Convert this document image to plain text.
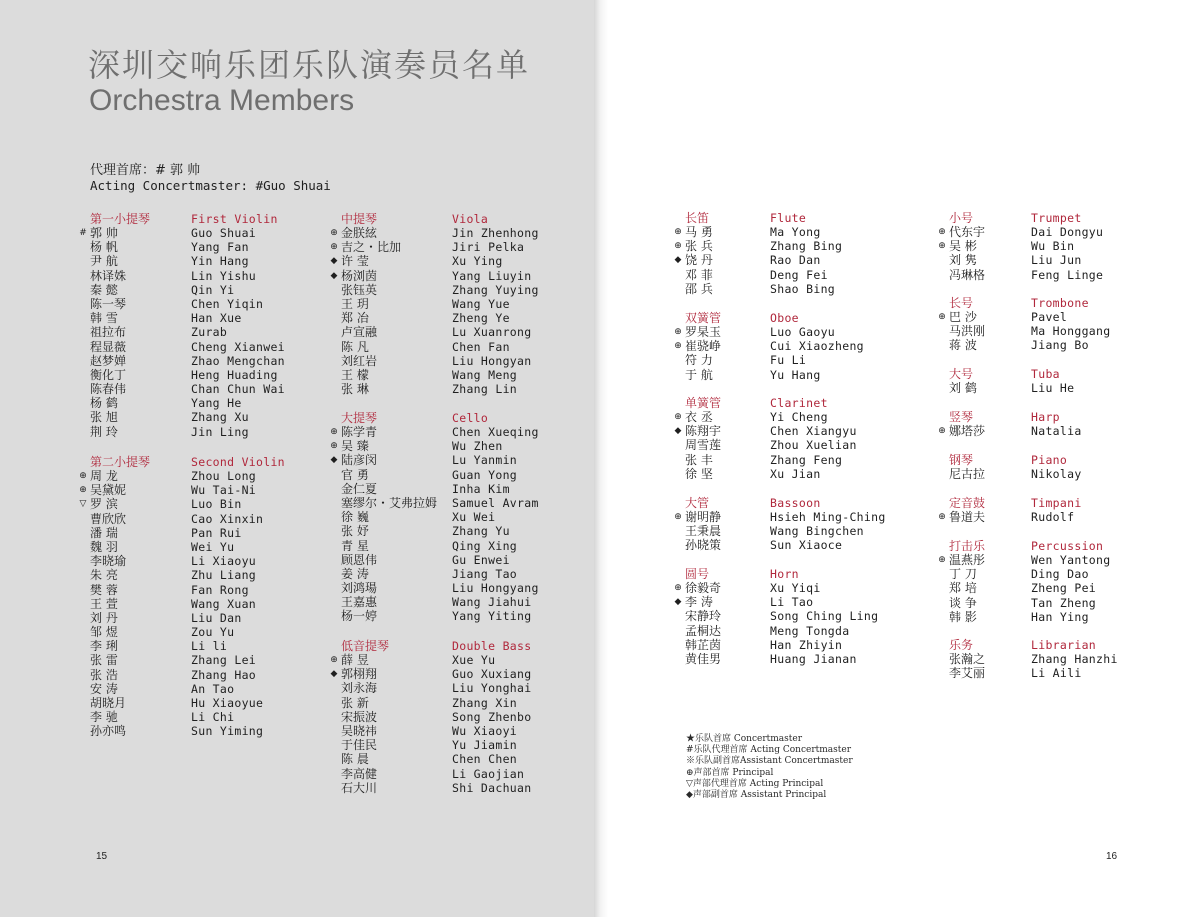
深圳交响乐团乐队演奏员名单
Orchestra Members
代理首席：# 郭 帅
Acting Concertmaster: #Guo Shuai
15	16
第一小提琴	First Violin
# 郭 帅	Guo Shuai
杨 帆	Yang Fan
尹 航	Yin Hang
林译姝	Lin Yishu
秦 懿	Qin Yi
陈一琴	Chen Yiqin
韩 雪	Han Xue
祖拉布	Zurab
程显薇	Cheng Xianwei
赵梦婵	Zhao Mengchan
衡化丁	Heng Huading
陈春伟	Chan Chun Wai
杨 鹤	Yang He
张 旭	Zhang Xu
荆 玲	Jin Ling
第二小提琴	Second Violin
⊕ 周 龙	Zhou Long
⊕ 吴黛妮	Wu Tai-Ni
▽ 罗 滨	Luo Bin
曹欣欣	Cao Xinxin
潘 瑞	Pan Rui
魏 羽	Wei Yu
李晓瑜	Li Xiaoyu
朱 亮	Zhu Liang
樊 蓉	Fan Rong
王 萱	Wang Xuan
刘 丹	Liu Dan
邹 煜	Zou Yu
李 琍	Li li
张 雷	Zhang Lei
张 浩	Zhang Hao
安 涛	An Tao
胡晓月	Hu Xiaoyue
李 驰	Li Chi
孙亦鸣	Sun Yiming
中提琴	Viola
⊕ 金朕絃	Jin Zhenhong
⊕ 吉之・比加	Jiri Pelka
◆ 许 莹	Xu Ying
◆ 杨浏茵	Yang Liuyin
张钰英	Zhang Yuying
王 玥	Wang Yue
郑 冶	Zheng Ye
卢宣融	Lu Xuanrong
陈 凡	Chen Fan
刘红岩	Liu Hongyan
王 檬	Wang Meng
张 琳	Zhang Lin
大提琴	Cello
⊕ 陈学青	Chen Xueqing
⊕ 吴 臻	Wu Zhen
◆ 陆彦闵	Lu Yanmin
官 勇	Guan Yong
金仁夏	Inha Kim
塞缪尔・艾弗拉姆 Samuel Avram
徐 巍	Xu Wei
张 妤	Zhang Yu
青 星	Qing Xing
顾恩伟	Gu Enwei
姜 涛	Jiang Tao
刘鸿瑒	Liu Hongyang
王嘉惠	Wang Jiahui
杨一婷	Yang Yiting
低音提琴	Double Bass
⊕ 薛 昱	Xue Yu
◆ 郭栩翔	Guo Xuxiang
刘永海	Liu Yonghai
张 新	Zhang Xin
宋振波	Song Zhenbo
吴晓祎	Wu Xiaoyi
于佳民	Yu Jiamin
陈 晨	Chen Chen
李高健	Li Gaojian
石大川	Shi Dachuan
长笛	Flute
⊕ 马 勇	Ma Yong
⊕ 张 兵	Zhang Bing
◆ 饶 丹	Rao Dan
邓 菲	Deng Fei
邵 兵	Shao Bing
双簧管	Oboe
⊕ 罗杲玉	Luo Gaoyu
⊕ 崔骁峥	Cui Xiaozheng
符 力	Fu Li
于 航	Yu Hang
单簧管	Clarinet
⊕ 衣 丞	Yi Cheng
◆ 陈翔宇	Chen Xiangyu
周雪莲	Zhou Xuelian
张 丰	Zhang Feng
徐 坚	Xu Jian
大管	Bassoon
⊕ 谢明静	Hsieh Ming-Ching
王秉晨	Wang Bingchen
孙晓策	Sun Xiaoce
圆号	Horn
⊕ 徐毅奇	Xu Yiqi
◆ 李 涛	Li Tao
宋静玲	Song Ching Ling
孟桐达	Meng Tongda
韩芷茵	Han Zhiyin
黄佳男	Huang Jianan
小号	Trumpet
⊕ 代东宇	Dai Dongyu
⊕ 吴 彬	Wu Bin
刘 隽	Liu Jun
冯琳格	Feng Linge
长号	Trombone
⊕ 巴 沙	Pavel
马洪刚	Ma Honggang
蒋 波	Jiang Bo
大号	Tuba
刘 鹤	Liu He
竖琴	Harp
⊕ 娜塔莎	Natalia
钢琴	Piano
尼古拉	Nikolay
定音鼓	Timpani
⊕ 鲁道夫	Rudolf
打击乐	Percussion
⊕ 温燕彤	Wen Yantong
丁 刀	Ding Dao
郑 培	Zheng Pei
谈 争	Tan Zheng
韩 影	Han Ying
乐务	Librarian
张瀚之	Zhang Hanzhi
李艾丽	Li Aili
★乐队首席 Concertmaster
#乐队代理首席 Acting Concertmaster
※乐队副首席Assistant Concertmaster
⊕声部首席 Principal
▽声部代理首席 Acting Principal
◆声部副首席 Assistant Principal
